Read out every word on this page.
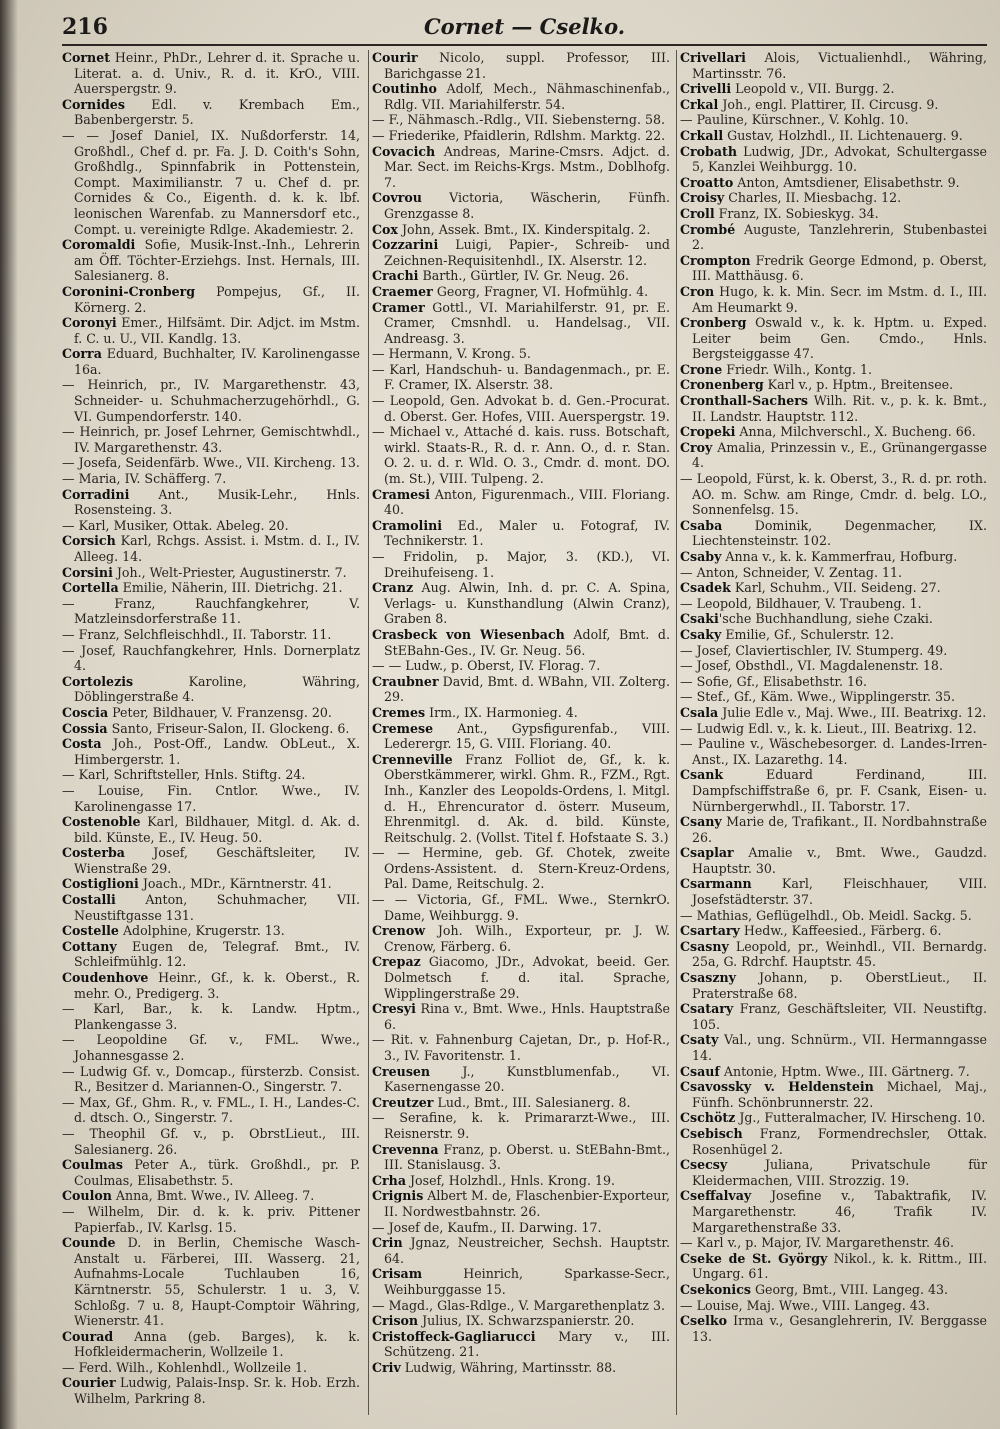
216	Cornet — Cselko.

Cornet Heinr., PhDr., Lehrer d. it. Sprache u. Literat. a. d. Univ., R. d. it. KrO., VIII. Auerspergstr. 9.

Cornides Edl. v. Krembach Em., Babenbergerstr. 5.

— — Josef Daniel, IX. Nußdorferstr. 14, Großhdl., Chef d. pr. Fa. J. D. Coith's Sohn, Großhdlg., Spinnfabrik in Pottenstein, Compt. Maximilianstr. 7 u. Chef d. pr. Cornides & Co., Eigenth. d. k. k. lbf. leonischen Warenfab. zu Mannersdorf etc., Compt. u. vereinigte Rdlge. Akademiestr. 2.

Coromaldi Sofie, Musik-Inst.-Inh., Lehrerin am Öff. Töchter-Erziehgs. Inst. Hernals, III. Salesianerg. 8.

Coronini-Cronberg Pompejus, Gf., II. Körnerg. 2.

Coronyi Emer., Hilfsämt. Dir. Adjct. im Mstm. f. C. u. U., VII. Kandlg. 13.

Corra Eduard, Buchhalter, IV. Karolinengasse 16a.

— Heinrich, pr., IV. Margarethenstr. 43, Schneider- u. Schuhmacherzugehörhdl., G. VI. Gumpendorferstr. 140.

— Heinrich, pr. Josef Lehrner, Gemischtwhdl., IV. Margarethenstr. 43.

— Josefa, Seidenfärb. Wwe., VII. Kircheng. 13.

— Maria, IV. Schäfferg. 7.

Corradini Ant., Musik-Lehr., Hnls. Rosensteing. 3.

— Karl, Musiker, Ottak. Abeleg. 20.

Corsich Karl, Rchgs. Assist. i. Mstm. d. I., IV. Alleeg. 14.

Corsini Joh., Welt-Priester, Augustinerstr. 7.

Cortella Emilie, Näherin, III. Dietrichg. 21.

— Franz, Rauchfangkehrer, V. Matzleinsdorferstraße 11.

— Franz, Selchfleischhdl., II. Taborstr. 11.

— Josef, Rauchfangkehrer, Hnls. Dornerplatz 4.

Cortolezis Karoline, Währing, Döblingerstraße 4.

Coscia Peter, Bildhauer, V. Franzensg. 20.

Cossia Santo, Friseur-Salon, II. Glockeng. 6.

Costa Joh., Post-Off., Landw. ObLeut., X. Himbergerstr. 1.

— Karl, Schriftsteller, Hnls. Stiftg. 24.

— Louise, Fin. Cntlor. Wwe., IV. Karolinengasse 17.

Costenoble Karl, Bildhauer, Mitgl. d. Ak. d. bild. Künste, E., IV. Heug. 50.

Costerba Josef, Geschäftsleiter, IV. Wienstraße 29.

Costiglioni Joach., MDr., Kärntnerstr. 41.

Costalli Anton, Schuhmacher, VII. Neustiftgasse 131.

Costelle Adolphine, Krugerstr. 13.

Cottany Eugen de, Telegraf. Bmt., IV. Schleifmühlg. 12.

Coudenhove Heinr., Gf., k. k. Oberst., R. mehr. O., Predigerg. 3.

— Karl, Bar., k. k. Landw. Hptm., Plankengasse 3.

— Leopoldine Gf. v., FML. Wwe., Johannesgasse 2.

— Ludwig Gf. v., Domcap., fürsterzb. Consist. R., Besitzer d. Mariannen-O., Singerstr. 7.

— Max, Gf., Ghm. R., v. FML., I. H., Landes-C. d. dtsch. O., Singerstr. 7.

— Theophil Gf. v., p. ObrstLieut., III. Salesianerg. 26.

Coulmas Peter A., türk. Großhdl., pr. P. Coulmas, Elisabethstr. 5.

Coulon Anna, Bmt. Wwe., IV. Alleeg. 7.

— Wilhelm, Dir. d. k. k. priv. Pittener Papierfab., IV. Karlsg. 15.

Counde D. in Berlin, Chemische Wasch-Anstalt u. Färberei, III. Wasserg. 21, Aufnahms-Locale Tuchlauben 16, Kärntnerstr. 55, Schulerstr. 1 u. 3, V. Schloßg. 7 u. 8, Haupt-Comptoir Währing, Wienerstr. 41.

Courad Anna (geb. Barges), k. k. Hofkleidermacherin, Wollzeile 1.

— Ferd. Wilh., Kohlenhdl., Wollzeile 1.

Courier Ludwig, Palais-Insp. Sr. k. Hob. Erzh. Wilhelm, Parkring 8.

Courir Nicolo, suppl. Professor, III. Barichgasse 21.

Coutinho Adolf, Mech., Nähmaschinenfab., Rdlg. VII. Mariahilferstr. 54.

— F., Nähmasch.-Rdlg., VII. Siebensterng. 58.

— Friederike, Pfaidlerin, Rdlshm. Marktg. 22.

Covacich Andreas, Marine-Cmsrs. Adjct. d. Mar. Sect. im Reichs-Krgs. Mstm., Doblhofg. 7.

Covrou Victoria, Wäscherin, Fünfh. Grenzgasse 8.

Cox John, Assek. Bmt., IX. Kinderspitalg. 2.

Cozzarini Luigi, Papier-, Schreib- und Zeichnen-Requisitenhdl., IX. Alserstr. 12.

Crachi Barth., Gürtler, IV. Gr. Neug. 26.

Craemer Georg, Fragner, VI. Hofmühlg. 4.

Cramer Gottl., VI. Mariahilferstr. 91, pr. E. Cramer, Cmsnhdl. u. Handelsag., VII. Andreasg. 3.

— Hermann, V. Krong. 5.

— Karl, Handschuh- u. Bandagenmach., pr. E. F. Cramer, IX. Alserstr. 38.

— Leopold, Gen. Advokat b. d. Gen.-Procurat. d. Oberst. Ger. Hofes, VIII. Auerspergstr. 19.

— Michael v., Attaché d. kais. russ. Botschaft, wirkl. Staats-R., R. d. r. Ann. O., d. r. Stan. O. 2. u. d. r. Wld. O. 3., Cmdr. d. mont. DO. (m. St.), VIII. Tulpeng. 2.

Cramesi Anton, Figurenmach., VIII. Floriang. 40.

Cramolini Ed., Maler u. Fotograf, IV. Technikerstr. 1.

— Fridolin, p. Major, 3. (KD.), VI. Dreihufeiseng. 1.

Cranz Aug. Alwin, Inh. d. pr. C. A. Spina, Verlags- u. Kunsthandlung (Alwin Cranz), Graben 8.

Crasbeck von Wiesenbach Adolf, Bmt. d. StEBahn-Ges., IV. Gr. Neug. 56.

— — Ludw., p. Oberst, IV. Florag. 7.

Craubner David, Bmt. d. WBahn, VII. Zolterg. 29.

Cremes Irm., IX. Harmonieg. 4.

Cremese Ant., Gypsfigurenfab., VIII. Lederergr. 15, G. VIII. Floriang. 40.

Crenneville Franz Folliot de, Gf., k. k. Oberstkämmerer, wirkl. Ghm. R., FZM., Rgt. Inh., Kanzler des Leopolds-Ordens, l. Mitgl. d. H., Ehrencurator d. österr. Museum, Ehrenmitgl. d. Ak. d. bild. Künste, Reitschulg. 2. (Vollst. Titel f. Hofstaate S. 3.)

— — Hermine, geb. Gf. Chotek, zweite Ordens-Assistent. d. Stern-Kreuz-Ordens, Pal. Dame, Reitschulg. 2.

— — Victoria, Gf., FML. Wwe., SternkrO. Dame, Weihburgg. 9.

Crenow Joh. Wilh., Exporteur, pr. J. W. Crenow, Färberg. 6.

Crepaz Giacomo, JDr., Advokat, beeid. Ger. Dolmetsch f. d. ital. Sprache, Wipplingerstraße 29.

Cresyi Rina v., Bmt. Wwe., Hnls. Hauptstraße 6.

— Rit. v. Fahnenburg Cajetan, Dr., p. Hof-R., 3., IV. Favoritenstr. 1.

Creusen J., Kunstblumenfab., VI. Kasernengasse 20.

Creutzer Lud., Bmt., III. Salesianerg. 8.

— Serafine, k. k. Primararzt-Wwe., III. Reisnerstr. 9.

Crevenna Franz, p. Oberst. u. StEBahn-Bmt., III. Stanislausg. 3.

Crha Josef, Holzhdl., Hnls. Krong. 19.

Crignis Albert M. de, Flaschenbier-Exporteur, II. Nordwestbahnstr. 26.

— Josef de, Kaufm., II. Darwing. 17.

Crin Jgnaz, Neustreicher, Sechsh. Hauptstr. 64.

Crisam Heinrich, Sparkasse-Secr., Weihburggasse 15.

— Magd., Glas-Rdlge., V. Margarethenplatz 3.

Crison Julius, IX. Schwarzspanierstr. 20.

Cristoffeck-Gagliarucci Mary v., III. Schützeng. 21.

Criv Ludwig, Währing, Martinsstr. 88.

Crivellari Alois, Victualienhdl., Währing, Martinsstr. 76.

Crivelli Leopold v., VII. Burgg. 2.

Crkal Joh., engl. Plattirer, II. Circusg. 9.

— Pauline, Kürschner., V. Kohlg. 10.

Crkall Gustav, Holzhdl., II. Lichtenauerg. 9.

Crobath Ludwig, JDr., Advokat, Schultergasse 5, Kanzlei Weihburgg. 10.

Croatto Anton, Amtsdiener, Elisabethstr. 9.

Croisy Charles, II. Miesbachg. 12.

Croll Franz, IX. Sobieskyg. 34.

Crombé Auguste, Tanzlehrerin, Stubenbastei 2.

Crompton Fredrik George Edmond, p. Oberst, III. Matthäusg. 6.

Cron Hugo, k. k. Min. Secr. im Mstm. d. I., III. Am Heumarkt 9.

Cronberg Oswald v., k. k. Hptm. u. Exped. Leiter beim Gen. Cmdo., Hnls. Bergsteiggasse 47.

Crone Friedr. Wilh., Kontg. 1.

Cronenberg Karl v., p. Hptm., Breitensee.

Cronthall-Sachers Wilh. Rit. v., p. k. k. Bmt., II. Landstr. Hauptstr. 112.

Cropeki Anna, Milchverschl., X. Bucheng. 66.

Croy Amalia, Prinzessin v., E., Grünangergasse 4.

— Leopold, Fürst, k. k. Oberst, 3., R. d. pr. roth. AO. m. Schw. am Ringe, Cmdr. d. belg. LO., Sonnenfelsg. 15.

Csaba Dominik, Degenmacher, IX. Liechtensteinstr. 102.

Csaby Anna v., k. k. Kammerfrau, Hofburg.

— Anton, Schneider, V. Zentag. 11.

Csadek Karl, Schuhm., VII. Seideng. 27.

— Leopold, Bildhauer, V. Traubeng. 1.

Csaki'sche Buchhandlung, siehe Czaki.

Csaky Emilie, Gf., Schulerstr. 12.

— Josef, Claviertischler, IV. Stumperg. 49.

— Josef, Obsthdl., VI. Magdalenenstr. 18.

— Sofie, Gf., Elisabethstr. 16.

— Stef., Gf., Käm. Wwe., Wipplingerstr. 35.

Csala Julie Edle v., Maj. Wwe., III. Beatrixg. 12.

— Ludwig Edl. v., k. k. Lieut., III. Beatrixg. 12.

— Pauline v., Wäschebesorger. d. Landes-Irren-Anst., IX. Lazarethg. 14.

Csank Eduard Ferdinand, III. Dampfschiffstraße 6, pr. F. Csank, Eisen- u. Nürnbergerwhdl., II. Taborstr. 17.

Csany Marie de, Trafikant., II. Nordbahnstraße 26.

Csaplar Amalie v., Bmt. Wwe., Gaudzd. Hauptstr. 30.

Csarmann Karl, Fleischhauer, VIII. Josefstädterstr. 37.

— Mathias, Geflügelhdl., Ob. Meidl. Sackg. 5.

Csartary Hedw., Kaffeesied., Färberg. 6.

Csasny Leopold, pr., Weinhdl., VII. Bernardg. 25a, G. Rdrchf. Hauptstr. 45.

Csaszny Johann, p. OberstLieut., II. Praterstraße 68.

Csatary Franz, Geschäftsleiter, VII. Neustiftg. 105.

Csaty Val., ung. Schnürm., VII. Hermanngasse 14.

Csauf Antonie, Hptm. Wwe., III. Gärtnerg. 7.

Csavossky v. Heldenstein Michael, Maj., Fünfh. Schönbrunnerstr. 22.

Cschötz Jg., Futteralmacher, IV. Hirscheng. 10.

Csebisch Franz, Formendrechsler, Ottak. Rosenhügel 2.

Csecsy Juliana, Privatschule für Kleidermachen, VIII. Strozzig. 19.

Cseffalvay Josefine v., Tabaktrafik, IV. Margarethenstr. 46, Trafik IV. Margarethenstraße 33.

— Karl v., p. Major, IV. Margarethenstr. 46.

Cseke de St. György Nikol., k. k. Rittm., III. Ungarg. 61.

Csekonics Georg, Bmt., VIII. Langeg. 43.

— Louise, Maj. Wwe., VIII. Langeg. 43.

Cselko Irma v., Gesanglehrerin, IV. Berggasse 13.
